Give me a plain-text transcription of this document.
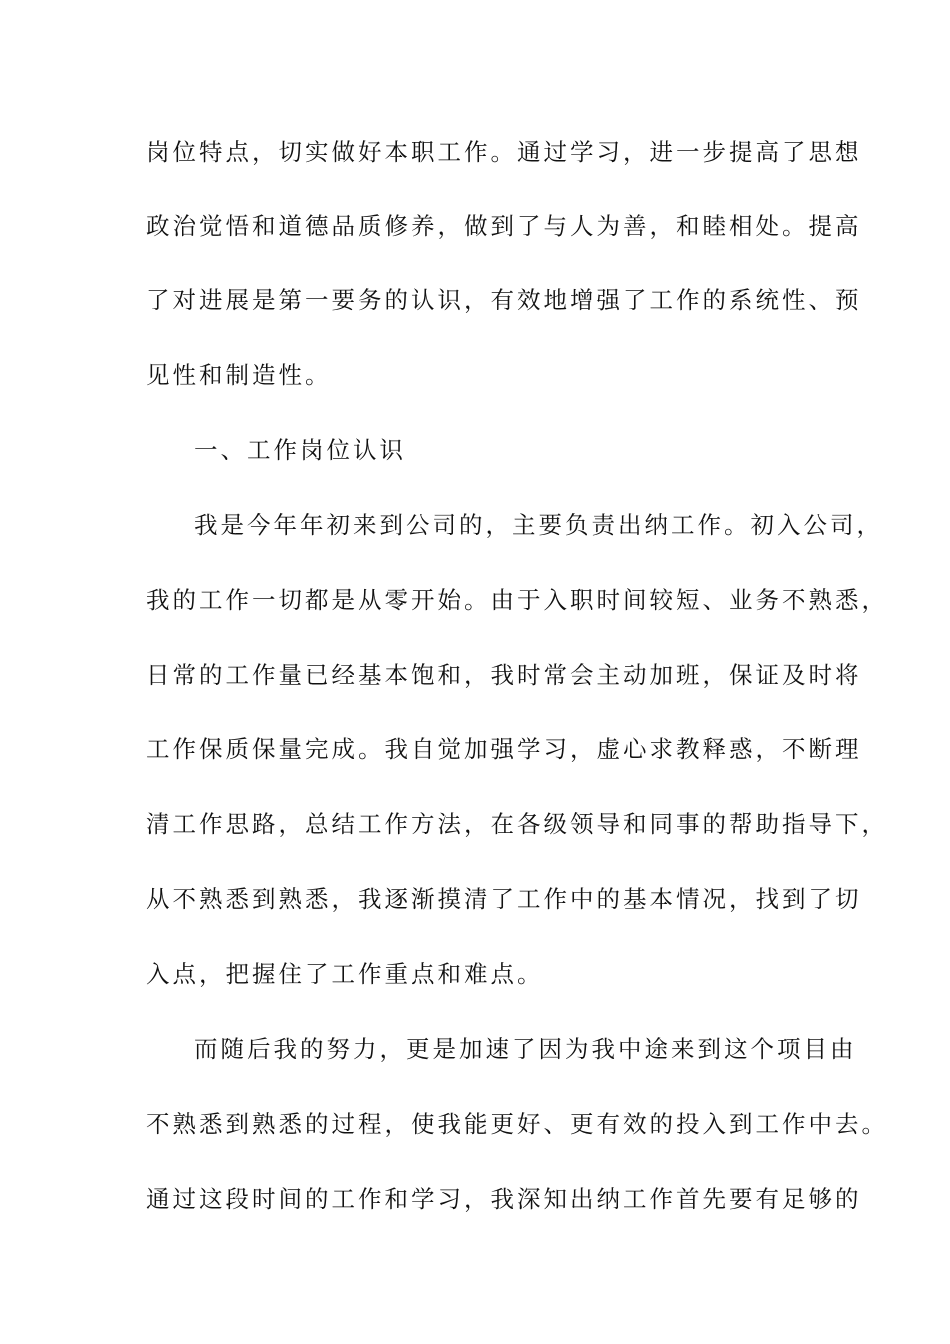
岗位特点，切实做好本职工作。通过学习，进一步提高了思想
政治觉悟和道德品质修养，做到了与人为善，和睦相处。提高
了对进展是第一要务的认识，有效地增强了工作的系统性、预
见性和制造性。
一、工作岗位认识
我是今年年初来到公司的，主要负责出纳工作。初入公司，
我的工作一切都是从零开始。由于入职时间较短、业务不熟悉，
日常的工作量已经基本饱和，我时常会主动加班，保证及时将
工作保质保量完成。我自觉加强学习，虚心求教释惑，不断理
清工作思路，总结工作方法，在各级领导和同事的帮助指导下，
从不熟悉到熟悉，我逐渐摸清了工作中的基本情况，找到了切
入点，把握住了工作重点和难点。
而随后我的努力，更是加速了因为我中途来到这个项目由
不熟悉到熟悉的过程，使我能更好、更有效的投入到工作中去。
通过这段时间的工作和学习，我深知出纳工作首先要有足够的
